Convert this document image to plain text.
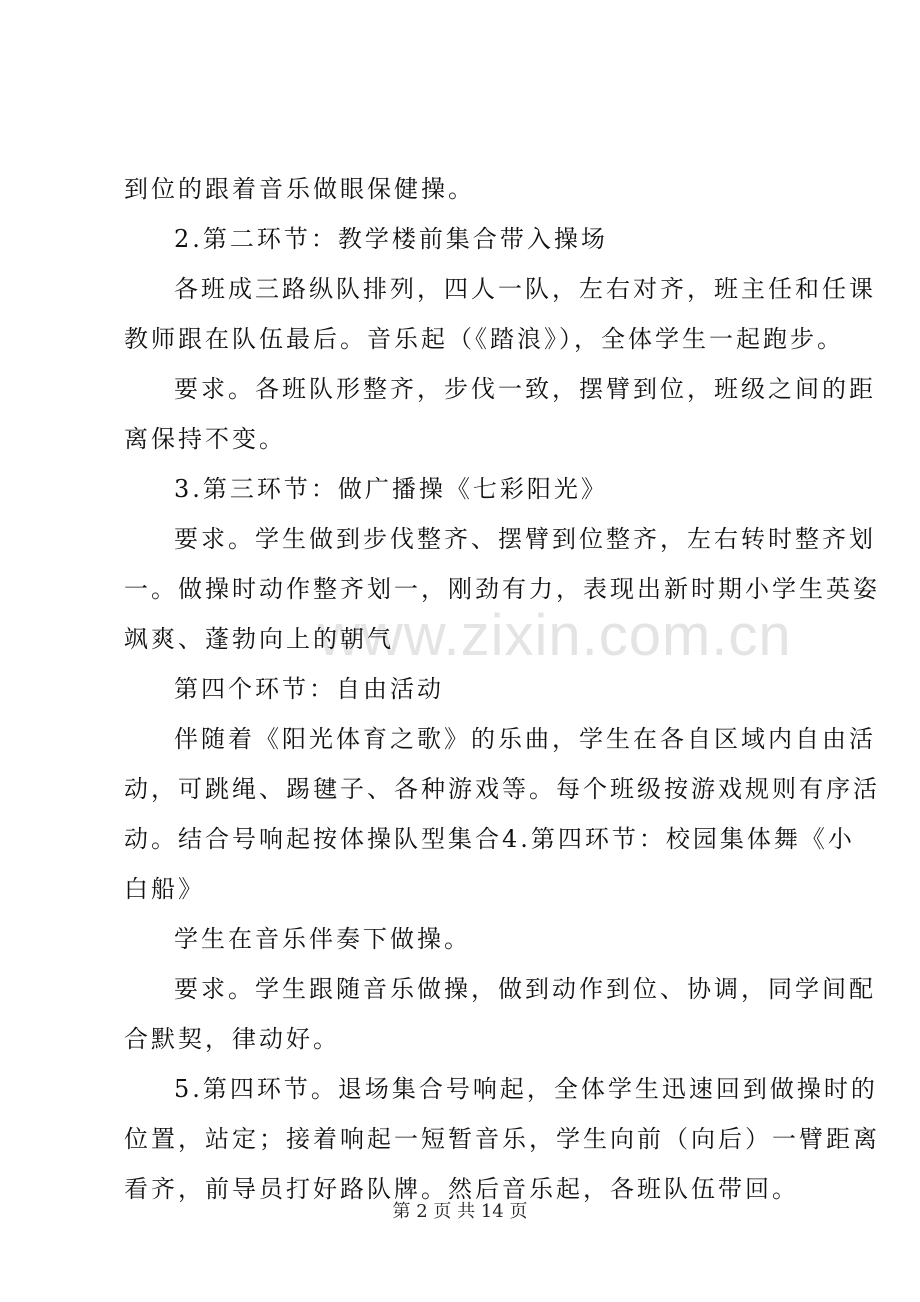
www.zixin.com.cn
到位的跟着音乐做眼保健操。
2.第二环节：教学楼前集合带入操场
各班成三路纵队排列，四人一队，左右对齐，班主任和任课
教师跟在队伍最后。音乐起（《踏浪》），全体学生一起跑步。
要求。各班队形整齐，步伐一致，摆臂到位，班级之间的距
离保持不变。
3.第三环节：做广播操《七彩阳光》
要求。学生做到步伐整齐、摆臂到位整齐，左右转时整齐划
一。做操时动作整齐划一，刚劲有力，表现出新时期小学生英姿
飒爽、蓬勃向上的朝气
第四个环节：自由活动
伴随着《阳光体育之歌》的乐曲，学生在各自区域内自由活
动，可跳绳、踢毽子、各种游戏等。每个班级按游戏规则有序活
动。结合号响起按体操队型集合4.第四环节：校园集体舞《小
白船》
学生在音乐伴奏下做操。
要求。学生跟随音乐做操，做到动作到位、协调，同学间配
合默契，律动好。
5.第四环节。退场集合号响起，全体学生迅速回到做操时的
位置，站定；接着响起一短暂音乐，学生向前（向后）一臂距离
看齐，前导员打好路队牌。然后音乐起，各班队伍带回。
第 2 页 共 14 页
